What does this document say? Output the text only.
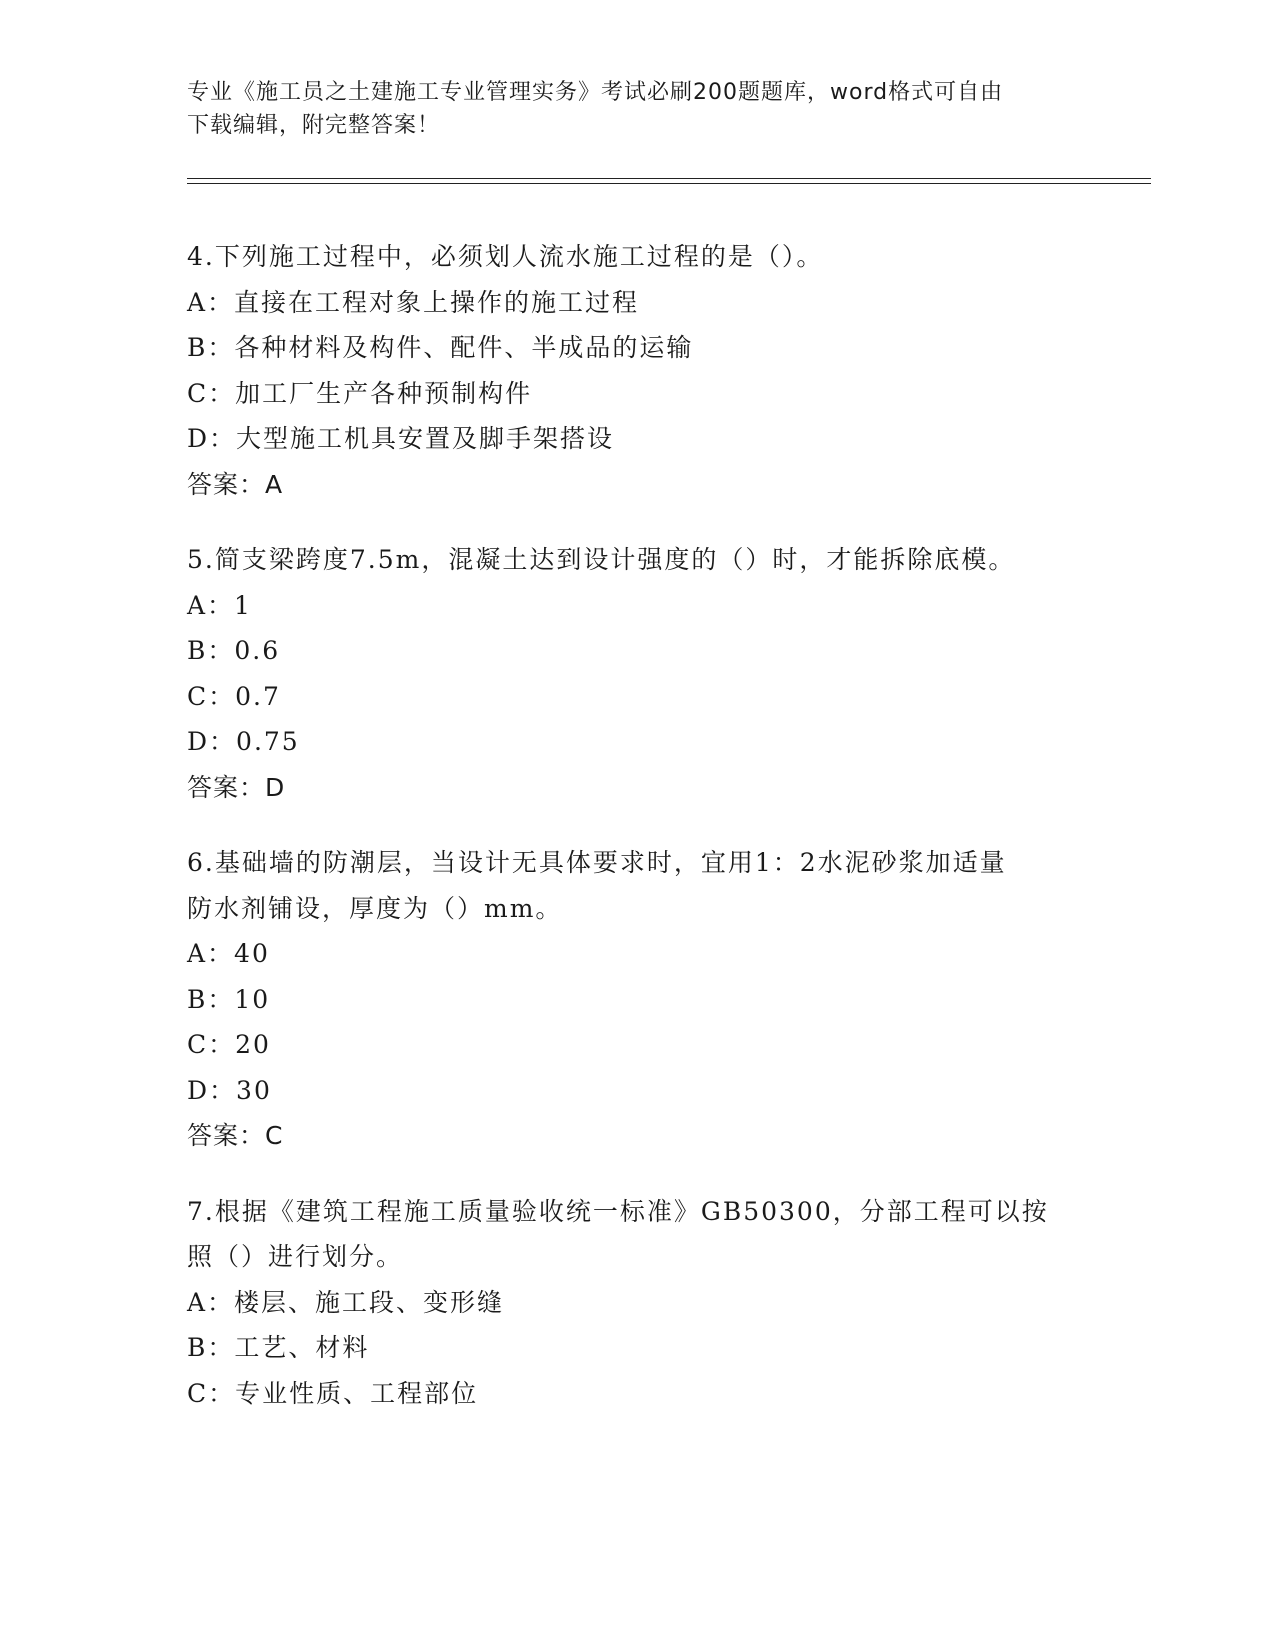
专业《施工员之土建施工专业管理实务》考试必刷200题题库，word格式可自由
下载编辑，附完整答案！
4.下列施工过程中，必须划人流水施工过程的是（）。
A：直接在工程对象上操作的施工过程
B：各种材料及构件、配件、半成品的运输
C：加工厂生产各种预制构件
D：大型施工机具安置及脚手架搭设
答案：A
5.简支梁跨度7.5m，混凝土达到设计强度的（）时，才能拆除底模。
A：1
B：0.6
C：0.7
D：0.75
答案：D
6.基础墙的防潮层，当设计无具体要求时，宜用1：2水泥砂浆加适量
防水剂铺设，厚度为（）mm。
A：40
B：10
C：20
D：30
答案：C
7.根据《建筑工程施工质量验收统一标准》GB50300，分部工程可以按
照（）进行划分。
A：楼层、施工段、变形缝
B：工艺、材料
C：专业性质、工程部位
